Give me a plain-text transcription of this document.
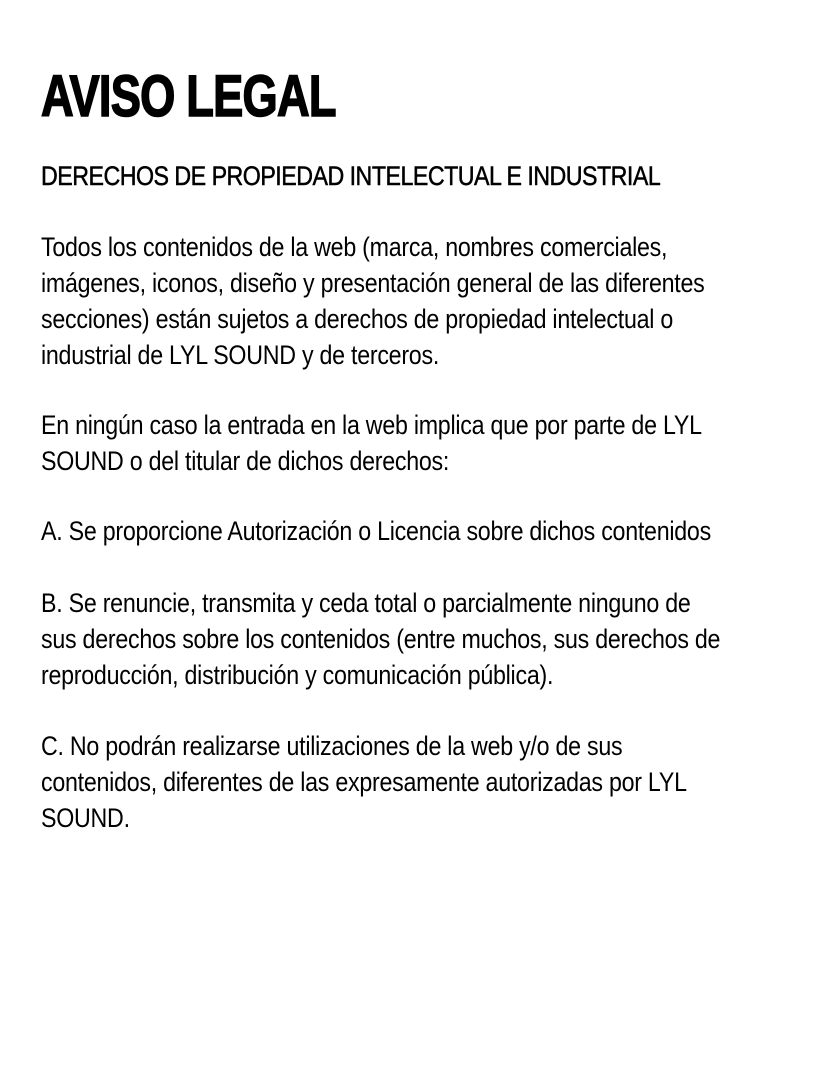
AVISO LEGAL
DERECHOS DE PROPIEDAD INTELECTUAL E INDUSTRIAL

Todos los contenidos de la web (marca, nombres comerciales,
imágenes, iconos, diseño y presentación general de las diferentes
secciones) están sujetos a derechos de propiedad intelectual o
industrial de LYL SOUND y de terceros.

En ningún caso la entrada en la web implica que por parte de LYL
SOUND o del titular de dichos derechos:

A. Se proporcione Autorización o Licencia sobre dichos contenidos

B. Se renuncie, transmita y ceda total o parcialmente ninguno de
sus derechos sobre los contenidos (entre muchos, sus derechos de
reproducción, distribución y comunicación pública).

C. No podrán realizarse utilizaciones de la web y/o de sus
contenidos, diferentes de las expresamente autorizadas por LYL
SOUND.
